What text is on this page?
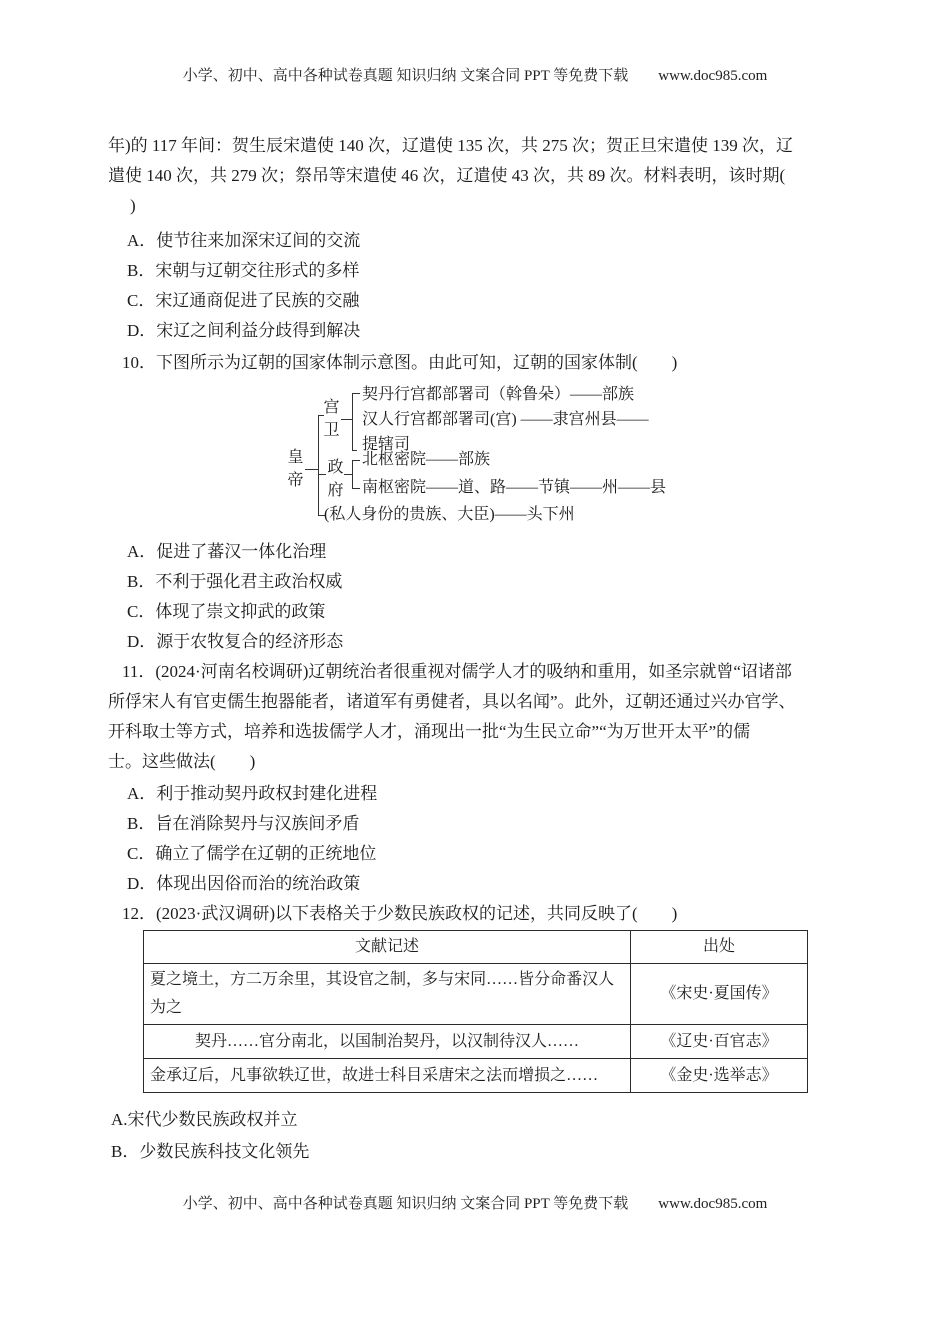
小学、初中、高中各种试卷真题 知识归纳 文案合同 PPT 等免费下载 www.doc985.com
年)的 117 年间：贺生辰宋遣使 140 次，辽遣使 135 次，共 275 次；贺正旦宋遣使 139 次，辽
遣使 140 次，共 279 次；祭吊等宋遣使 46 次，辽遣使 43 次，共 89 次。材料表明，该时期(
)
A．使节往来加深宋辽间的交流
B．宋朝与辽朝交往形式的多样
C．宋辽通商促进了民族的交融
D．宋辽之间利益分歧得到解决
10．下图所示为辽朝的国家体制示意图。由此可知，辽朝的国家体制(　　)
皇帝
宫卫
政府
契丹行宫都部署司（斡鲁朵）——部族
汉人行宫都部署司(宫) ——隶宫州县——
提辖司
北枢密院——部族
南枢密院——道、路——节镇——州——县
(私人身份的贵族、大臣)——头下州
A．促进了蕃汉一体化治理
B．不利于强化君主政治权威
C．体现了崇文抑武的政策
D．源于农牧复合的经济形态
11．(2024·河南名校调研)辽朝统治者很重视对儒学人才的吸纳和重用，如圣宗就曾“诏诸部
所俘宋人有官吏儒生抱器能者，诸道军有勇健者，具以名闻”。此外，辽朝还通过兴办官学、
开科取士等方式，培养和选拔儒学人才，涌现出一批“为生民立命”“为万世开太平”的儒
士。这些做法(　　)
A．利于推动契丹政权封建化进程
B．旨在消除契丹与汉族间矛盾
C．确立了儒学在辽朝的正统地位
D．体现出因俗而治的统治政策
12．(2023·武汉调研)以下表格关于少数民族政权的记述，共同反映了(　　)
文献记述	出处
夏之境土，方二万余里，其设官之制，多与宋同……皆分命番汉人为之	《宋史·夏国传》
契丹……官分南北，以国制治契丹，以汉制待汉人……	《辽史·百官志》
金承辽后，凡事欲轶辽世，故进士科目采唐宋之法而增损之……	《金史·选举志》
A.宋代少数民族政权并立
B．少数民族科技文化领先
小学、初中、高中各种试卷真题 知识归纳 文案合同 PPT 等免费下载 www.doc985.com
